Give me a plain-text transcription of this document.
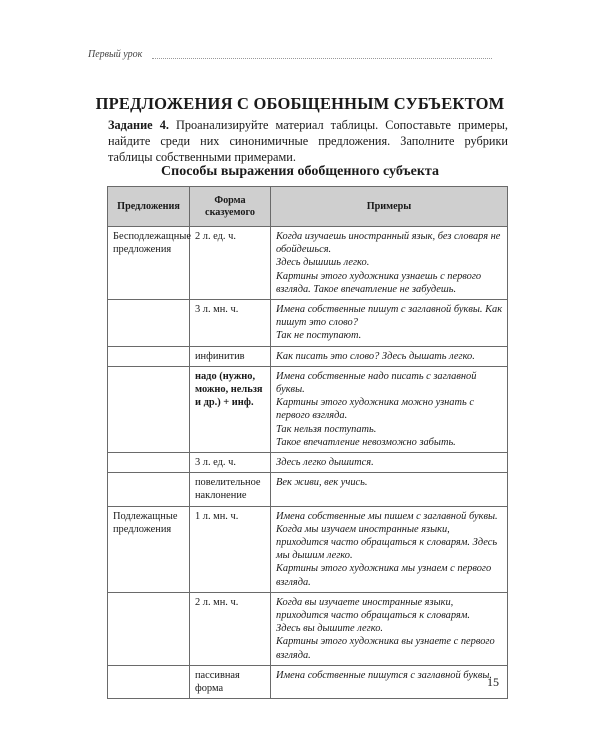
Первый урок
ПРЕДЛОЖЕНИЯ С ОБОБЩЕННЫМ СУБЪЕКТОМ
Задание 4. Проанализируйте материал таблицы. Сопоставьте примеры, найдите среди них синонимичные предложения. Заполните рубрики таблицы собственными примерами.
Способы выражения обобщенного субъекта
Предложения	Форма сказуемого	Примеры
Бесподлежащные предложения	2 л. ед. ч.	Когда изучаешь иностранный язык, без словаря не обойдешься.
Здесь дышишь легко.
Картины этого художника узнаешь с первого взгляда. Такое впечатление не забудешь.

	3 л. мн. ч.	Имена собственные пишут с заглавной буквы. Как пишут это слово?
Так не поступают.

	инфинитив	Как писать это слово? Здесь дышать легко.

	надо (нужно, можно, нельзя и др.) + инф.	Имена собственные надо писать с заглавной буквы.
Картины этого художника можно узнать с первого взгляда.
Так нельзя поступать.
Такое впечатление невозможно забыть.

	3 л. ед. ч.	Здесь легко дышится.

	повелительное наклонение	Век живи, век учись.

Подлежащные предложения	1 л. мн. ч.	Имена собственные мы пишем с заглавной буквы.
Когда мы изучаем иностранные языки, приходится часто обращаться к словарям. Здесь мы дышим легко.
Картины этого художника мы узнаем с первого взгляда.

	2 л. мн. ч.	Когда вы изучаете иностранные языки, приходится часто обращаться к словарям.
Здесь вы дышите легко.
Картины этого художника вы узнаете с первого взгляда.

	пассивная форма	Имена собственные пишутся с заглавной буквы.
15
